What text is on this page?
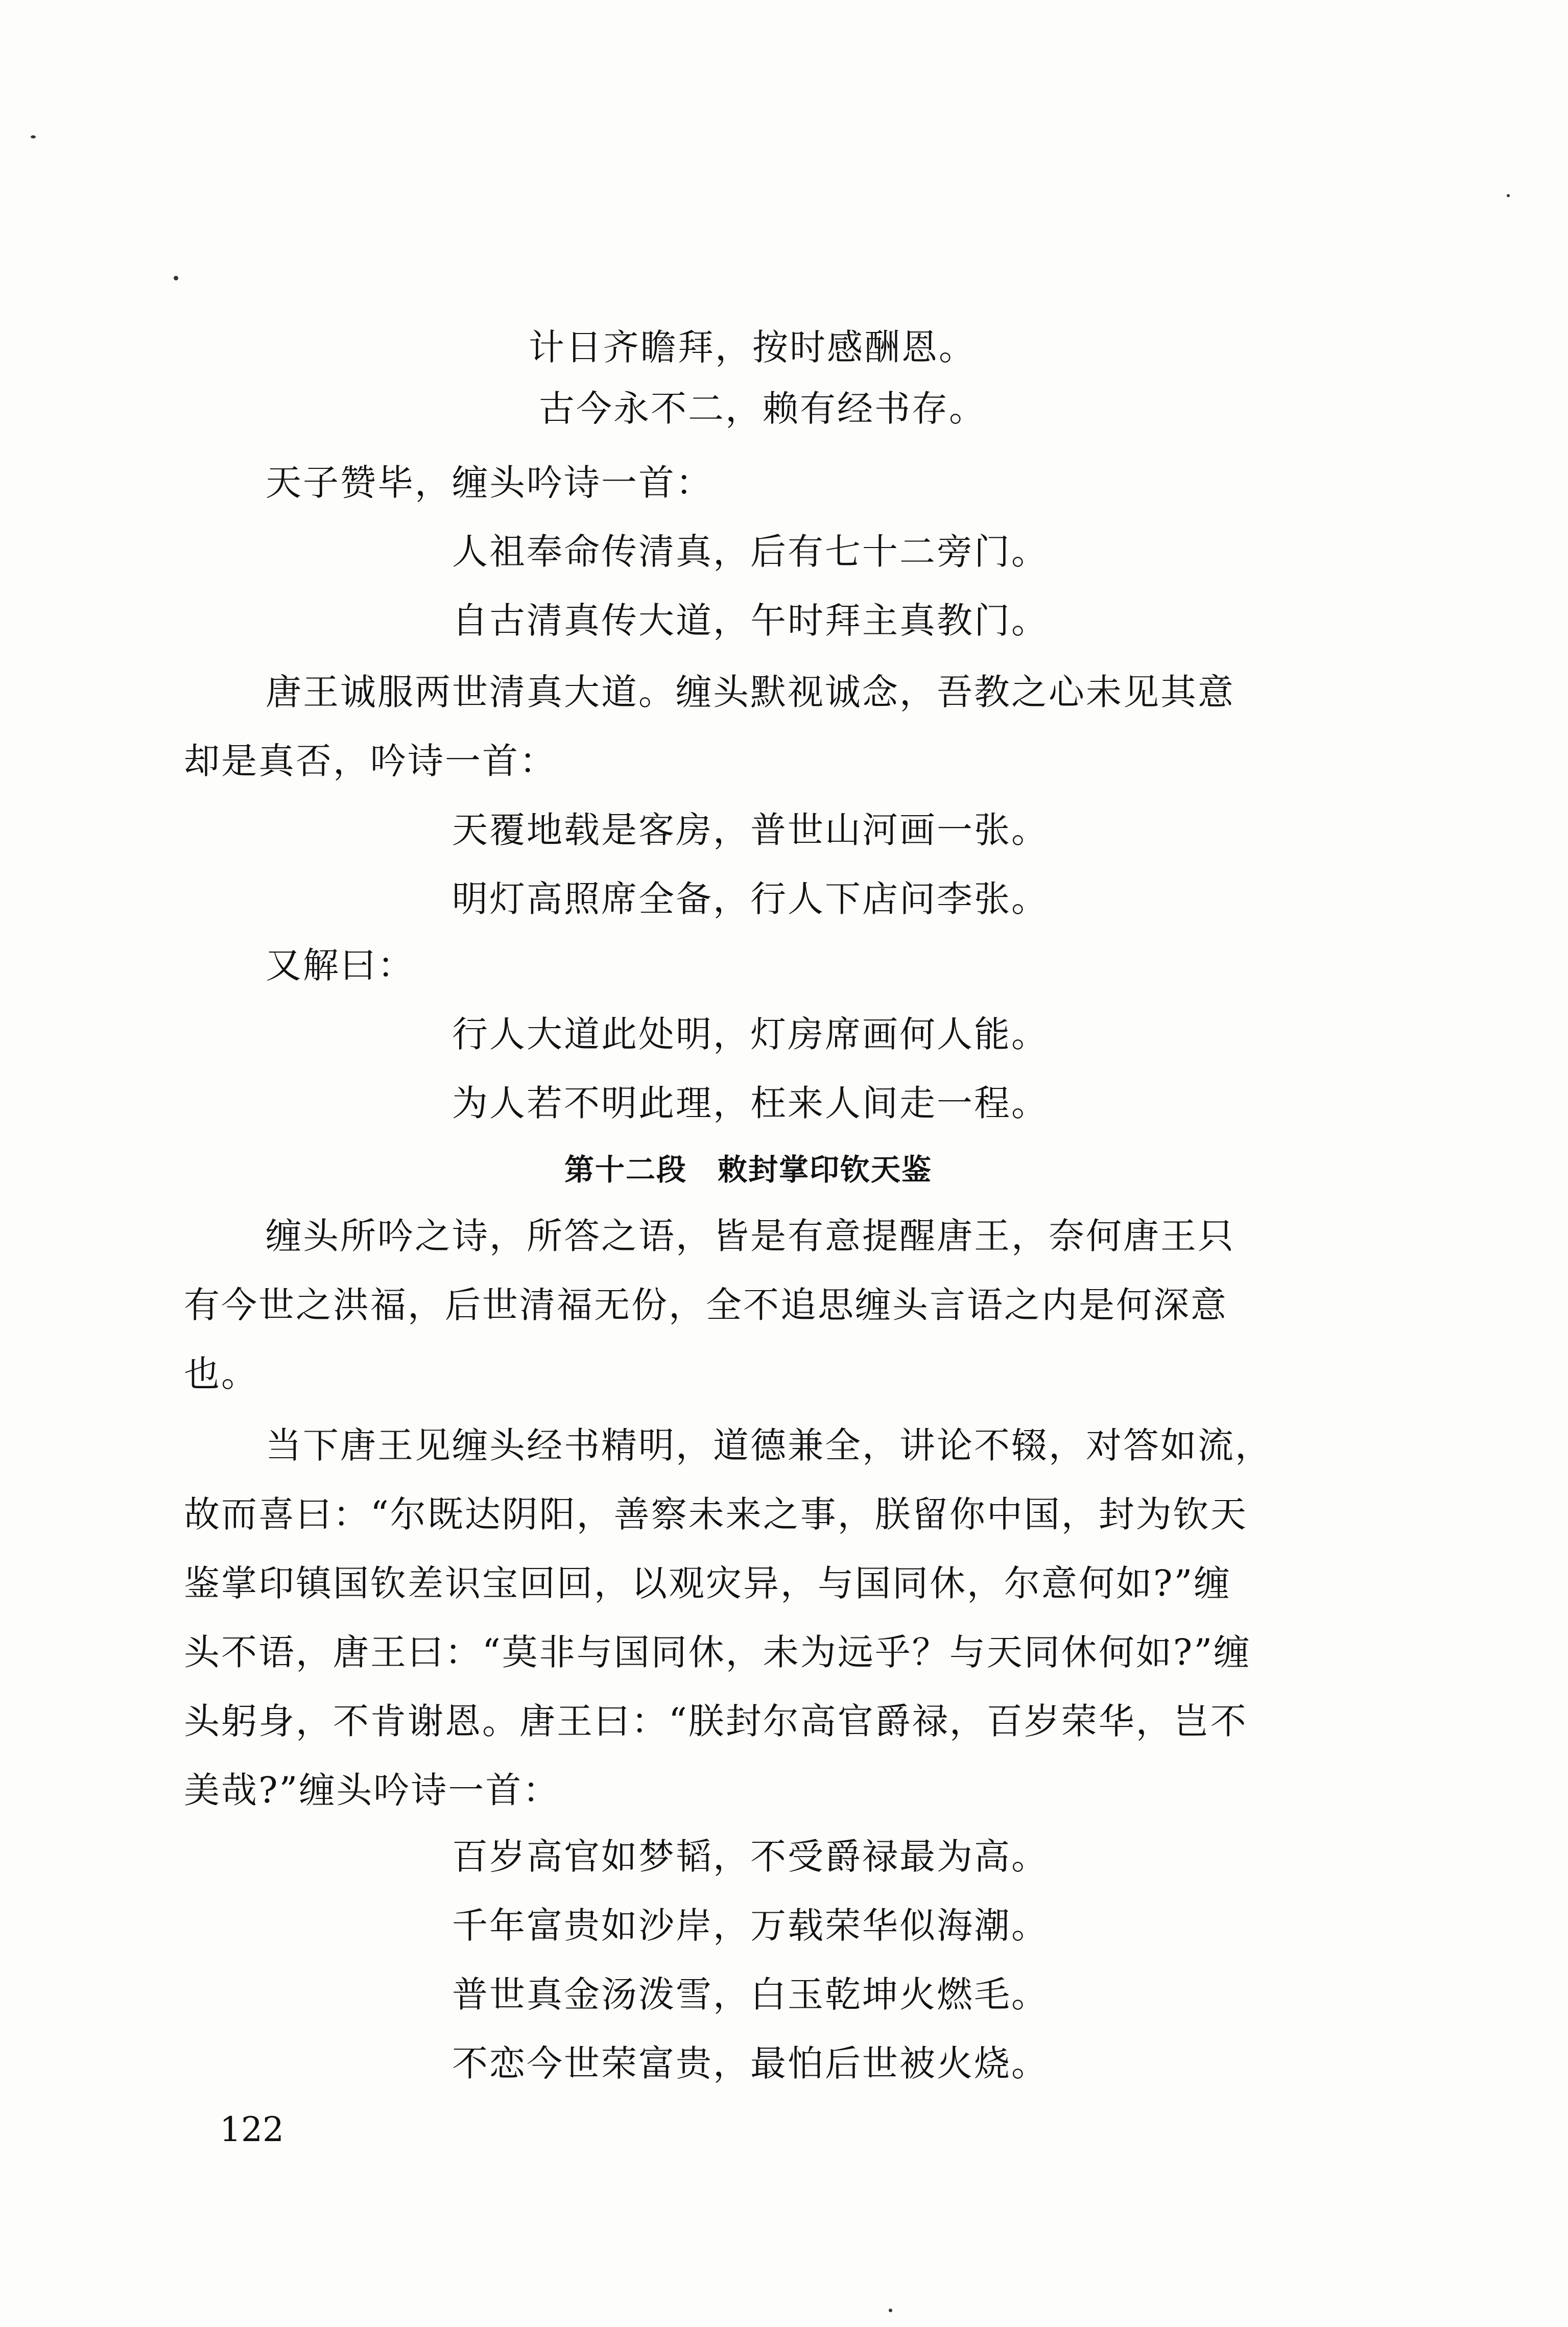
计日齐瞻拜，按时感酬恩。
古今永不二，赖有经书存。
天子赞毕，缠头吟诗一首：
人祖奉命传清真，后有七十二旁门。
自古清真传大道，午时拜主真教门。
唐王诚服两世清真大道。缠头默视诚念，吾教之心未见其意
却是真否，吟诗一首：
天覆地载是客房，普世山河画一张。
明灯高照席全备，行人下店问李张。
又解曰：
行人大道此处明，灯房席画何人能。
为人若不明此理，枉来人间走一程。
第十二段　敕封掌印钦天鉴
缠头所吟之诗，所答之语，皆是有意提醒唐王，奈何唐王只
有今世之洪福，后世清福无份，全不追思缠头言语之内是何深意
也。
当下唐王见缠头经书精明，道德兼全，讲论不辍，对答如流，
故而喜曰：“尔既达阴阳，善察未来之事，朕留你中国，封为钦天
鉴掌印镇国钦差识宝回回，以观灾异，与国同休，尔意何如?”缠
头不语，唐王曰：“莫非与国同休，未为远乎？与天同休何如?”缠
头躬身，不肯谢恩。唐王曰：“朕封尔高官爵禄，百岁荣华，岂不
美哉?”缠头吟诗一首：
百岁高官如梦韬，不受爵禄最为高。
千年富贵如沙岸，万载荣华似海潮。
普世真金汤泼雪，白玉乾坤火燃毛。
不恋今世荣富贵，最怕后世被火烧。
122
